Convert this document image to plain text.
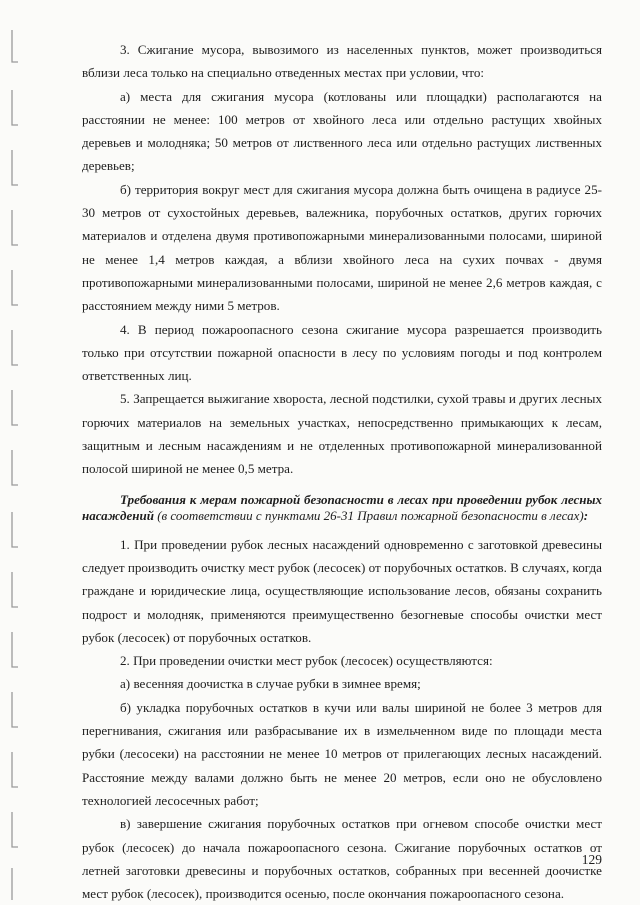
3. Сжигание мусора, вывозимого из населенных пунктов, может производиться вблизи леса только на специально отведенных местах при условии, что:

а) места для сжигания мусора (котлованы или площадки) располагаются на расстоянии не менее: 100 метров от хвойного леса или отдельно растущих хвойных деревьев и молодняка; 50 метров от лиственного леса или отдельно растущих лиственных деревьев;

б) территория вокруг мест для сжигания мусора должна быть очищена в радиусе 25-30 метров от сухостойных деревьев, валежника, порубочных остатков, других горючих материалов и отделена двумя противопожарными минерализованными полосами, шириной не менее 1,4 метров каждая, а вблизи хвойного леса на сухих почвах - двумя противопожарными минерализованными полосами, шириной не менее 2,6 метров каждая, с расстоянием между ними 5 метров.

4. В период пожароопасного сезона сжигание мусора разрешается производить только при отсутствии пожарной опасности в лесу по условиям погоды и под контролем ответственных лиц.

5. Запрещается выжигание хвороста, лесной подстилки, сухой травы и других лесных горючих материалов на земельных участках, непосредственно примыкающих к лесам, защитным и лесным насаждениям и не отделенных противопожарной минерализованной полосой шириной не менее 0,5 метра.

Требования к мерам пожарной безопасности в лесах при проведении рубок лесных насаждений (в соответствии с пунктами 26-31 Правил пожарной безопасности в лесах):

1. При проведении рубок лесных насаждений одновременно с заготовкой древесины следует производить очистку мест рубок (лесосек) от порубочных остатков. В случаях, когда граждане и юридические лица, осуществляющие использование лесов, обязаны сохранить подрост и молодняк, применяются преимущественно безогневые способы очистки мест рубок (лесосек) от порубочных остатков.

2. При проведении очистки мест рубок (лесосек) осуществляются:

а) весенняя доочистка в случае рубки в зимнее время;

б) укладка порубочных остатков в кучи или валы шириной не более 3 метров для перегнивания, сжигания или разбрасывание их в измельченном виде по площади места рубки (лесосеки) на расстоянии не менее 10 метров от прилегающих лесных насаждений. Расстояние между валами должно быть не менее 20 метров, если оно не обусловлено технологией лесосечных работ;

в) завершение сжигания порубочных остатков при огневом способе очистки мест рубок (лесосек) до начала пожароопасного сезона. Сжигание порубочных остатков от летней заготовки древесины и порубочных остатков, собранных при весенней доочистке мест рубок (лесосек), производится осенью, после окончания пожароопасного сезона.

129
